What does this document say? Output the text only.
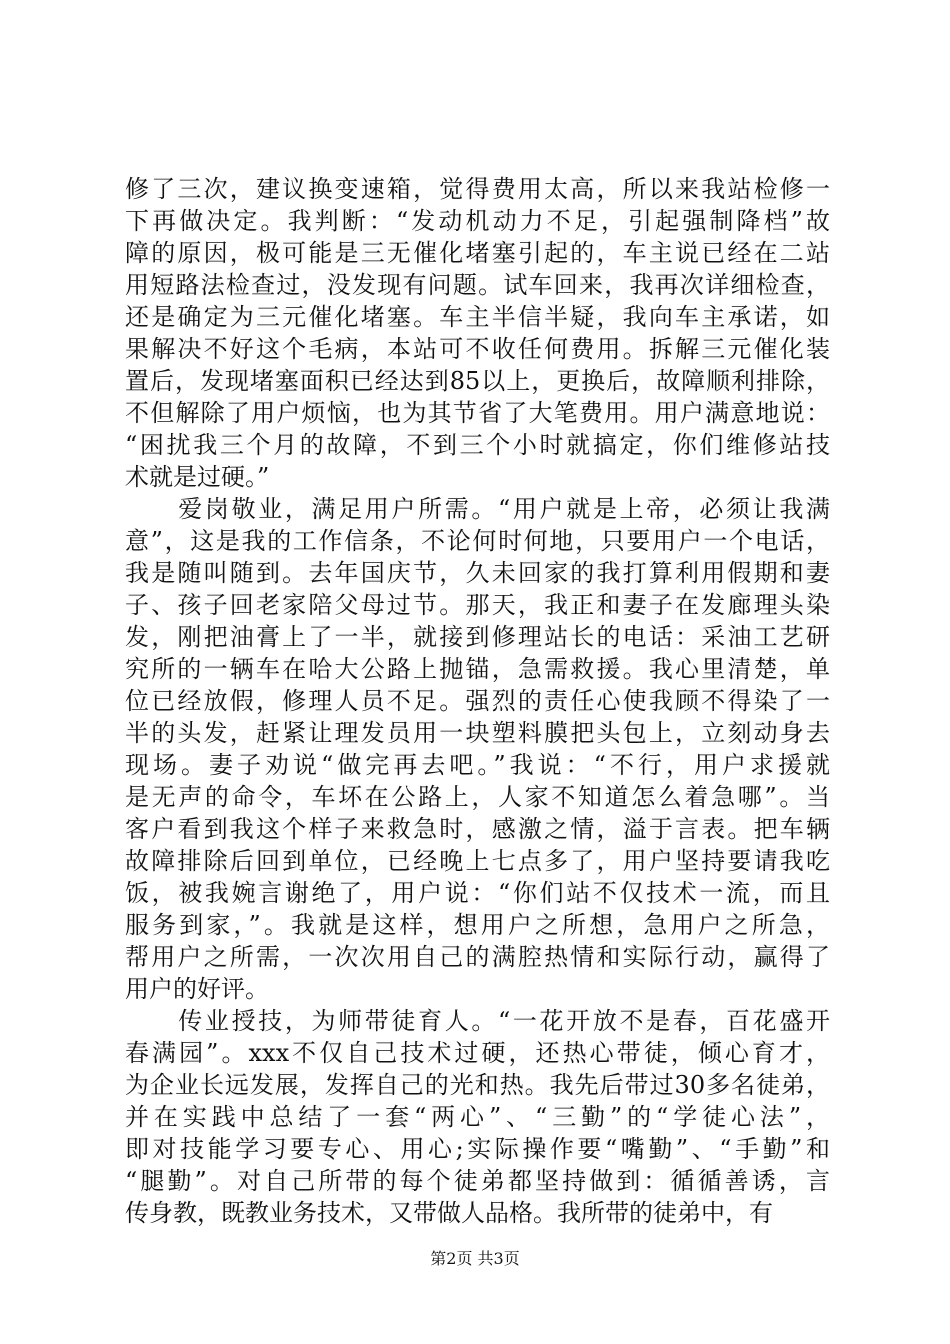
修了三次，建议换变速箱，觉得费用太高，所以来我站检修一
下再做决定。我判断：“发动机动力不足，引起强制降档”故
障的原因，极可能是三无催化堵塞引起的，车主说已经在二站
用短路法检查过，没发现有问题。试车回来，我再次详细检查，
还是确定为三元催化堵塞。车主半信半疑，我向车主承诺，如
果解决不好这个毛病，本站可不收任何费用。拆解三元催化装
置后，发现堵塞面积已经达到85以上，更换后，故障顺利排除，
不但解除了用户烦恼，也为其节省了大笔费用。用户满意地说：
“困扰我三个月的故障，不到三个小时就搞定，你们维修站技
术就是过硬。”
　　爱岗敬业，满足用户所需。“用户就是上帝，必须让我满
意”，这是我的工作信条，不论何时何地，只要用户一个电话，
我是随叫随到。去年国庆节，久未回家的我打算利用假期和妻
子、孩子回老家陪父母过节。那天，我正和妻子在发廊理头染
发，刚把油膏上了一半，就接到修理站长的电话：采油工艺研
究所的一辆车在哈大公路上抛锚，急需救援。我心里清楚，单
位已经放假，修理人员不足。强烈的责任心使我顾不得染了一
半的头发，赶紧让理发员用一块塑料膜把头包上，立刻动身去
现场。妻子劝说“做完再去吧。”我说：“不行，用户求援就
是无声的命令，车坏在公路上，人家不知道怎么着急哪”。当
客户看到我这个样子来救急时，感激之情，溢于言表。把车辆
故障排除后回到单位，已经晚上七点多了，用户坚持要请我吃
饭，被我婉言谢绝了，用户说：“你们站不仅技术一流，而且
服务到家，”。我就是这样，想用户之所想，急用户之所急，
帮用户之所需，一次次用自己的满腔热情和实际行动，赢得了
用户的好评。
　　传业授技，为师带徒育人。“一花开放不是春，百花盛开
春满园”。xxx不仅自己技术过硬，还热心带徒，倾心育才，
为企业长远发展，发挥自己的光和热。我先后带过30多名徒弟，
并在实践中总结了一套“两心”、“三勤”的“学徒心法”，
即对技能学习要专心、用心;实际操作要“嘴勤”、“手勤”和
“腿勤”。对自己所带的每个徒弟都坚持做到：循循善诱，言
传身教，既教业务技术，又带做人品格。我所带的徒弟中，有
第2页 共3页
